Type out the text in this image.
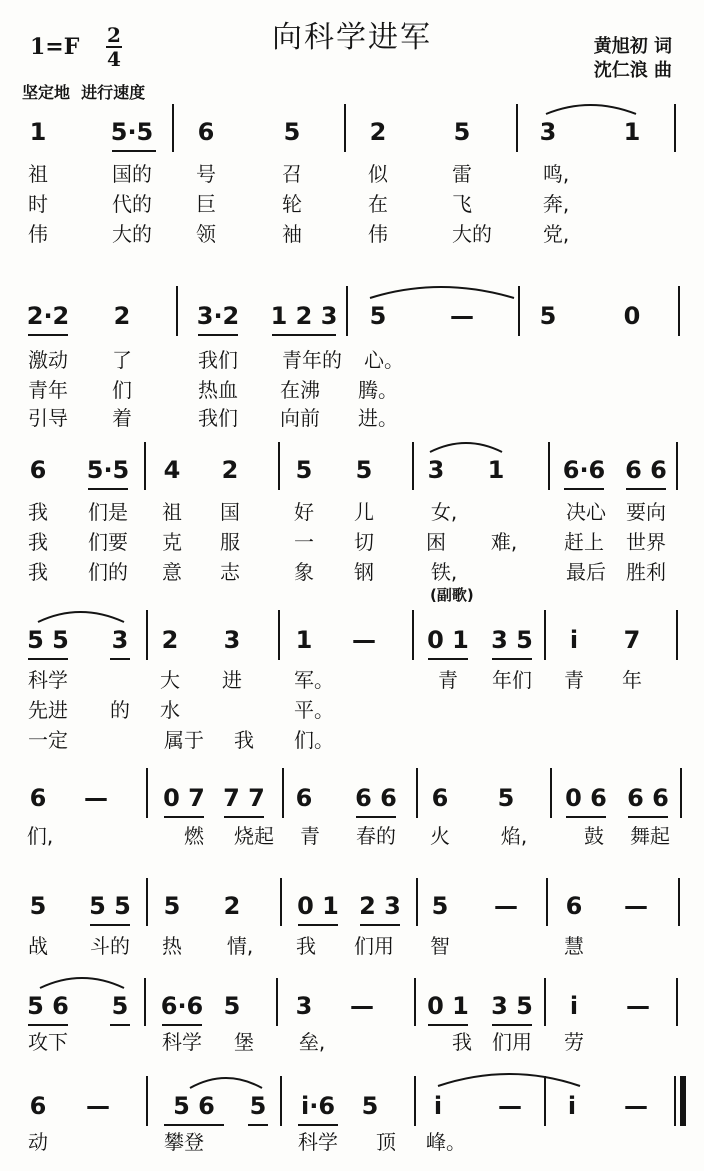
向科学进军
1=F 2
4
黄旭初 词
沈仁浪 曲
坚定地  进行速度
(副歌)
1	5·5 6	5	2	5	3	1
祖	国的 号	召	似	雷	鸣,
时	代的 巨	轮	在	飞	奔,
伟	大的 领	袖	伟	大的	党,
2·2 2	3·2 1 2 3 5	—	5	0
激动 了	我们 青年的 心。
青年 们	热血 在沸 腾。
引导 着	我们 向前 进。
6 5·5 4 2 5 5 3 1 6·6 6 6
我 们是 祖 国	好 儿	女,	决心 要向
我 们要 克 服	一 切	困 难, 赶上 世界
我 们的 意 志	象 钢	铁,	最后 胜利
5 5 3 2 3 1 — 0 1 3 5 i 7
科学	大 进	军。	青 年们 青 年
先进 的 水	平。
一定	属于 我 们。
6 — 0 7 7 7 6 6 6 6 5 0 6 6 6
们,	燃 烧起 青 春的 火	焰,	鼓 舞起
5 5 5 5 2 0 1 2 3 5 — 6 —
战 斗的 热 情, 我 们用 智	慧
5 6 5 6·6 5 3 — 0 1 3 5 i —
攻下	科学 堡 垒,	我 们用 劳
6 —	5 6 5 i·6 5 i — i —
动	攀登	科学 顶 峰。
